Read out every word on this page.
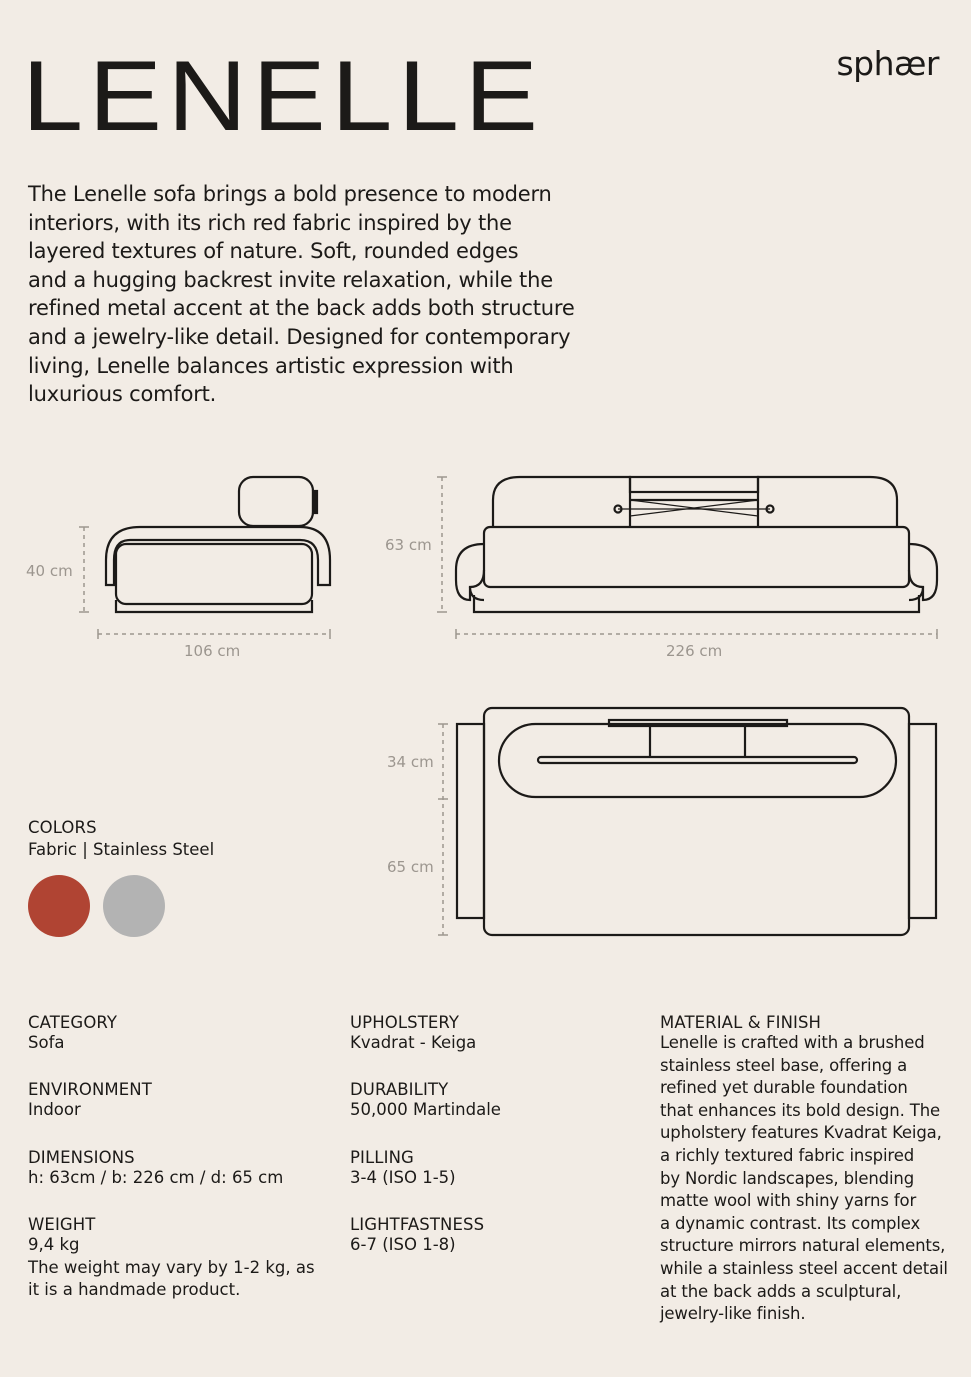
LENELLE	sphær
The Lenelle sofa brings a bold presence to modern
interiors, with its rich red fabric inspired by the
layered textures of nature. Soft, rounded edges
and a hugging backrest invite relaxation, while the
refined metal accent at the back adds both structure
and a jewelry-like detail. Designed for contemporary
living, Lenelle balances artistic expression with
luxurious comfort.
40 cm
106 cm
63 cm
226 cm
34 cm
65 cm
COLORS
Fabric | Stainless Steel
CATEGORY
Sofa
ENVIRONMENT
Indoor
DIMENSIONS
h: 63cm / b: 226 cm / d: 65 cm
WEIGHT
9,4 kg
The weight may vary by 1-2 kg, as
it is a handmade product.
UPHOLSTERY
Kvadrat - Keiga
DURABILITY
50,000 Martindale
PILLING
3-4 (ISO 1-5)
LIGHTFASTNESS
6-7 (ISO 1-8)
MATERIAL & FINISH
Lenelle is crafted with a brushed
stainless steel base, offering a
refined yet durable foundation
that enhances its bold design. The
upholstery features Kvadrat Keiga,
a richly textured fabric inspired
by Nordic landscapes, blending
matte wool with shiny yarns for
a dynamic contrast. Its complex
structure mirrors natural elements,
while a stainless steel accent detail
at the back adds a sculptural,
jewelry-like finish.
